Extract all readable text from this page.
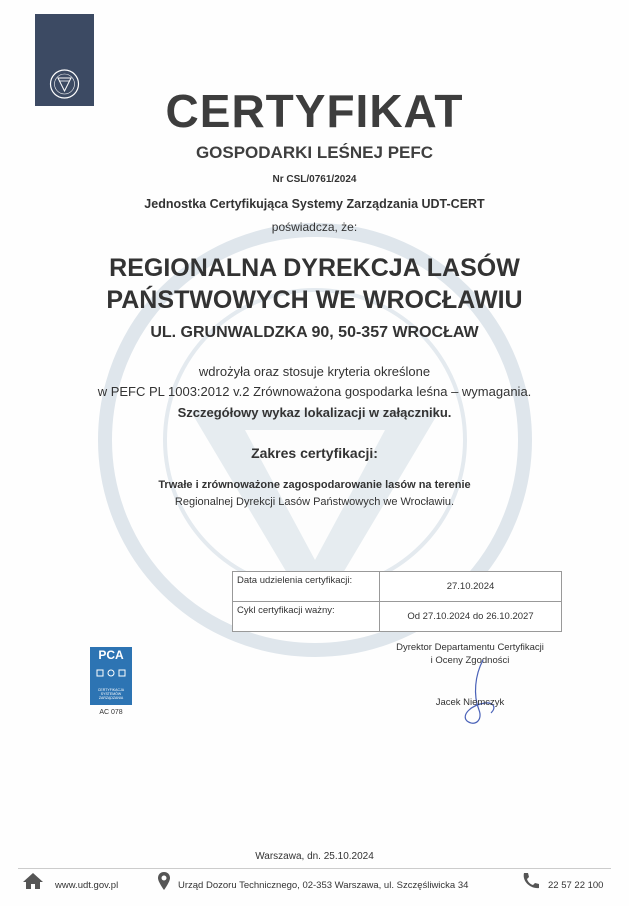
CERTYFIKAT
GOSPODARKI LEŚNEJ PEFC
Nr CSL/0761/2024
Jednostka Certyfikująca Systemy Zarządzania UDT-CERT
poświadcza, że:
REGIONALNA DYREKCJA LASÓW
PAŃSTWOWYCH WE WROCŁAWIU
UL. GRUNWALDZKA 90, 50-357 WROCŁAW
wdrożyła oraz stosuje kryteria określone
w PEFC PL 1003:2012 v.2 Zrównoważona gospodarka leśna – wymagania.
Szczegółowy wykaz lokalizacji w załączniku.
Zakres certyfikacji:
Trwałe i zrównoważone zagospodarowanie lasów na terenie
Regionalnej Dyrekcji Lasów Państwowych we Wrocławiu.
Data udzielenia certyfikacji:	27.10.2024
Cykl certyfikacji ważny:	Od 27.10.2024 do 26.10.2027
Dyrektor Departamentu Certyfikacji
i Oceny Zgodności
Jacek Niemczyk
PCA
CERTYFIKACJA SYSTEMÓW ZARZĄDZANIA
AC 078
Warszawa, dn. 25.10.2024
www.udt.gov.pl	Urząd Dozoru Technicznego, 02-353 Warszawa, ul. Szczęśliwicka 34	22 57 22 100
